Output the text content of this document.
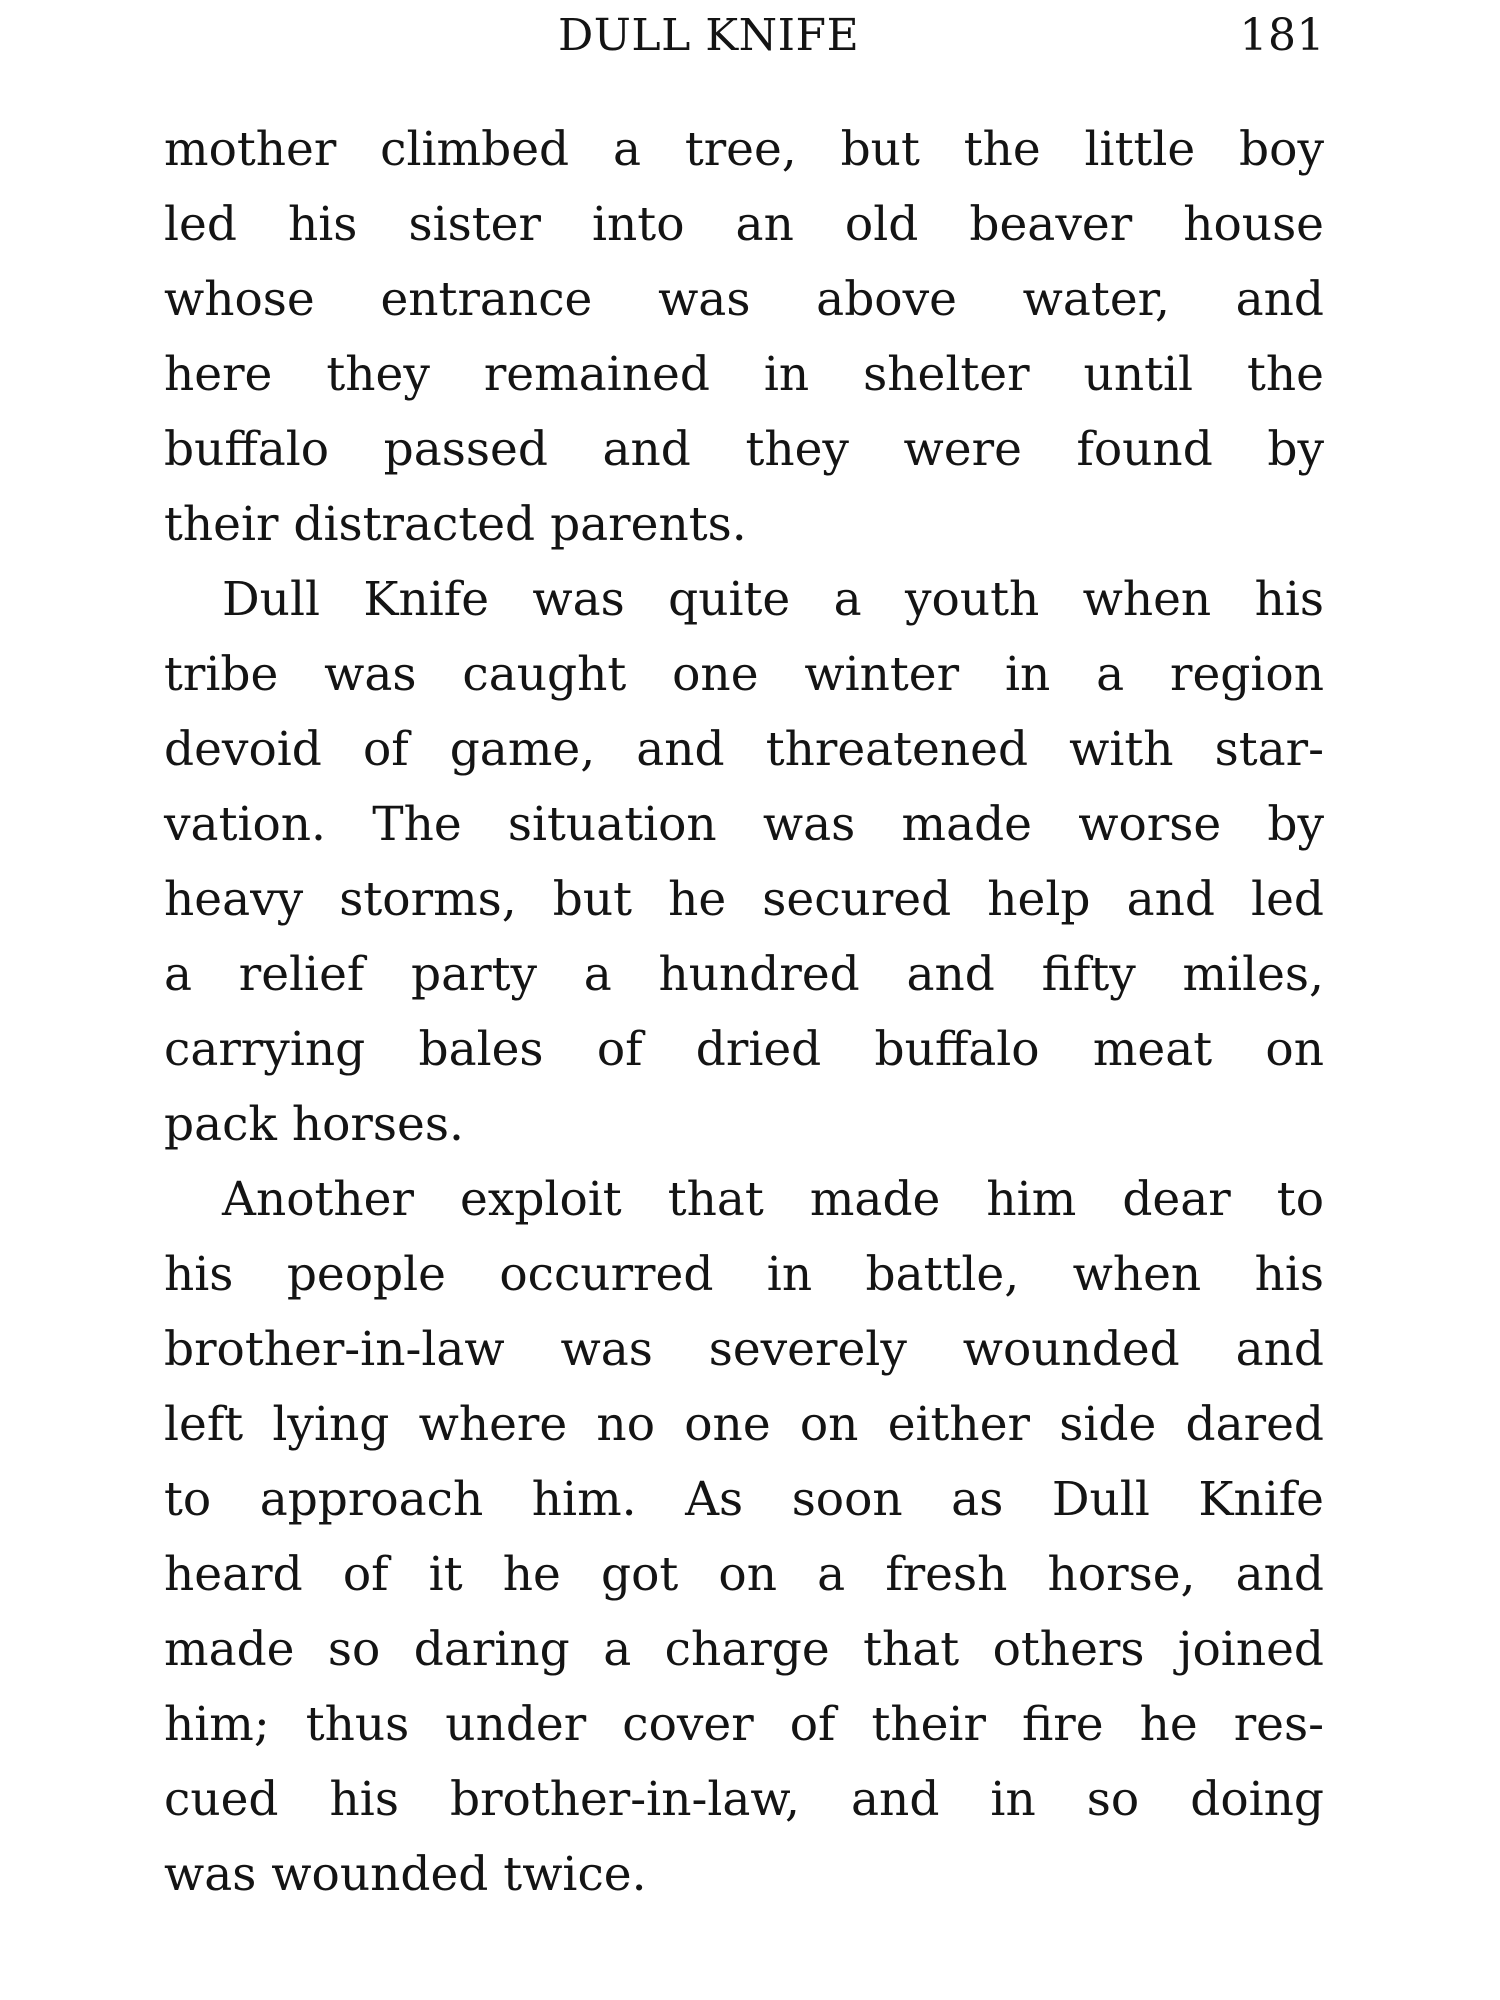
DULL KNIFE	181
mother climbed a tree, but the little boy
led his sister into an old beaver house
whose entrance was above water, and
here they remained in shelter until the
buffalo passed and they were found by
their distracted parents.
Dull Knife was quite a youth when his
tribe was caught one winter in a region
devoid of game, and threatened with star-
vation. The situation was made worse by
heavy storms, but he secured help and led
a relief party a hundred and fifty miles,
carrying bales of dried buffalo meat on
pack horses.
Another exploit that made him dear to
his people occurred in battle, when his
brother-in-law was severely wounded and
left lying where no one on either side dared
to approach him. As soon as Dull Knife
heard of it he got on a fresh horse, and
made so daring a charge that others joined
him; thus under cover of their fire he res-
cued his brother-in-law, and in so doing
was wounded twice.
